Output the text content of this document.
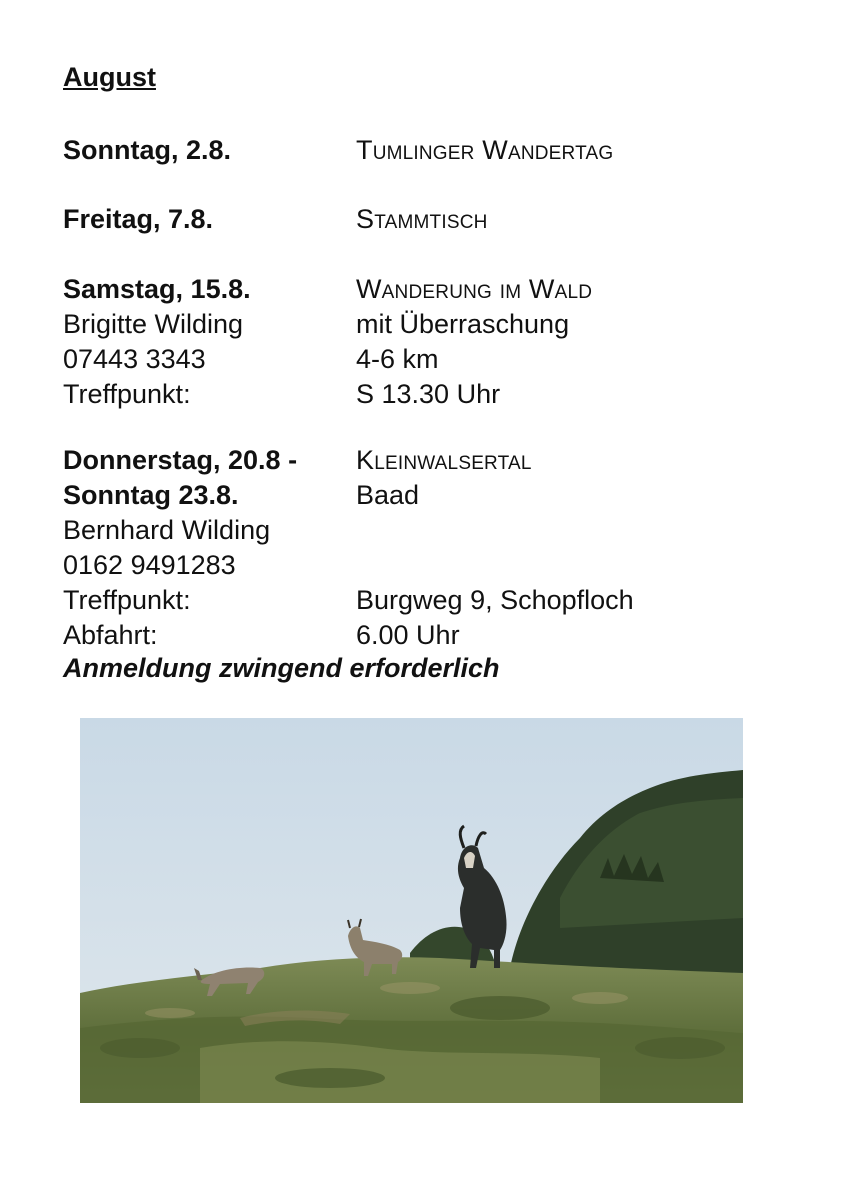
August
Sonntag, 2.8.	Tumlinger Wandertag
Freitag, 7.8.	Stammtisch
Samstag, 15.8.	Wanderung im Wald
Brigitte Wilding	mit Überraschung
07443 3343	4-6 km
Treffpunkt:	S 13.30 Uhr
Donnerstag, 20.8 -	Kleinwalsertal
Sonntag 23.8.	Baad
Bernhard Wilding
0162 9491283
Treffpunkt:	Burgweg 9, Schopfloch
Abfahrt:	6.00 Uhr

Anmeldung zwingend erforderlich
